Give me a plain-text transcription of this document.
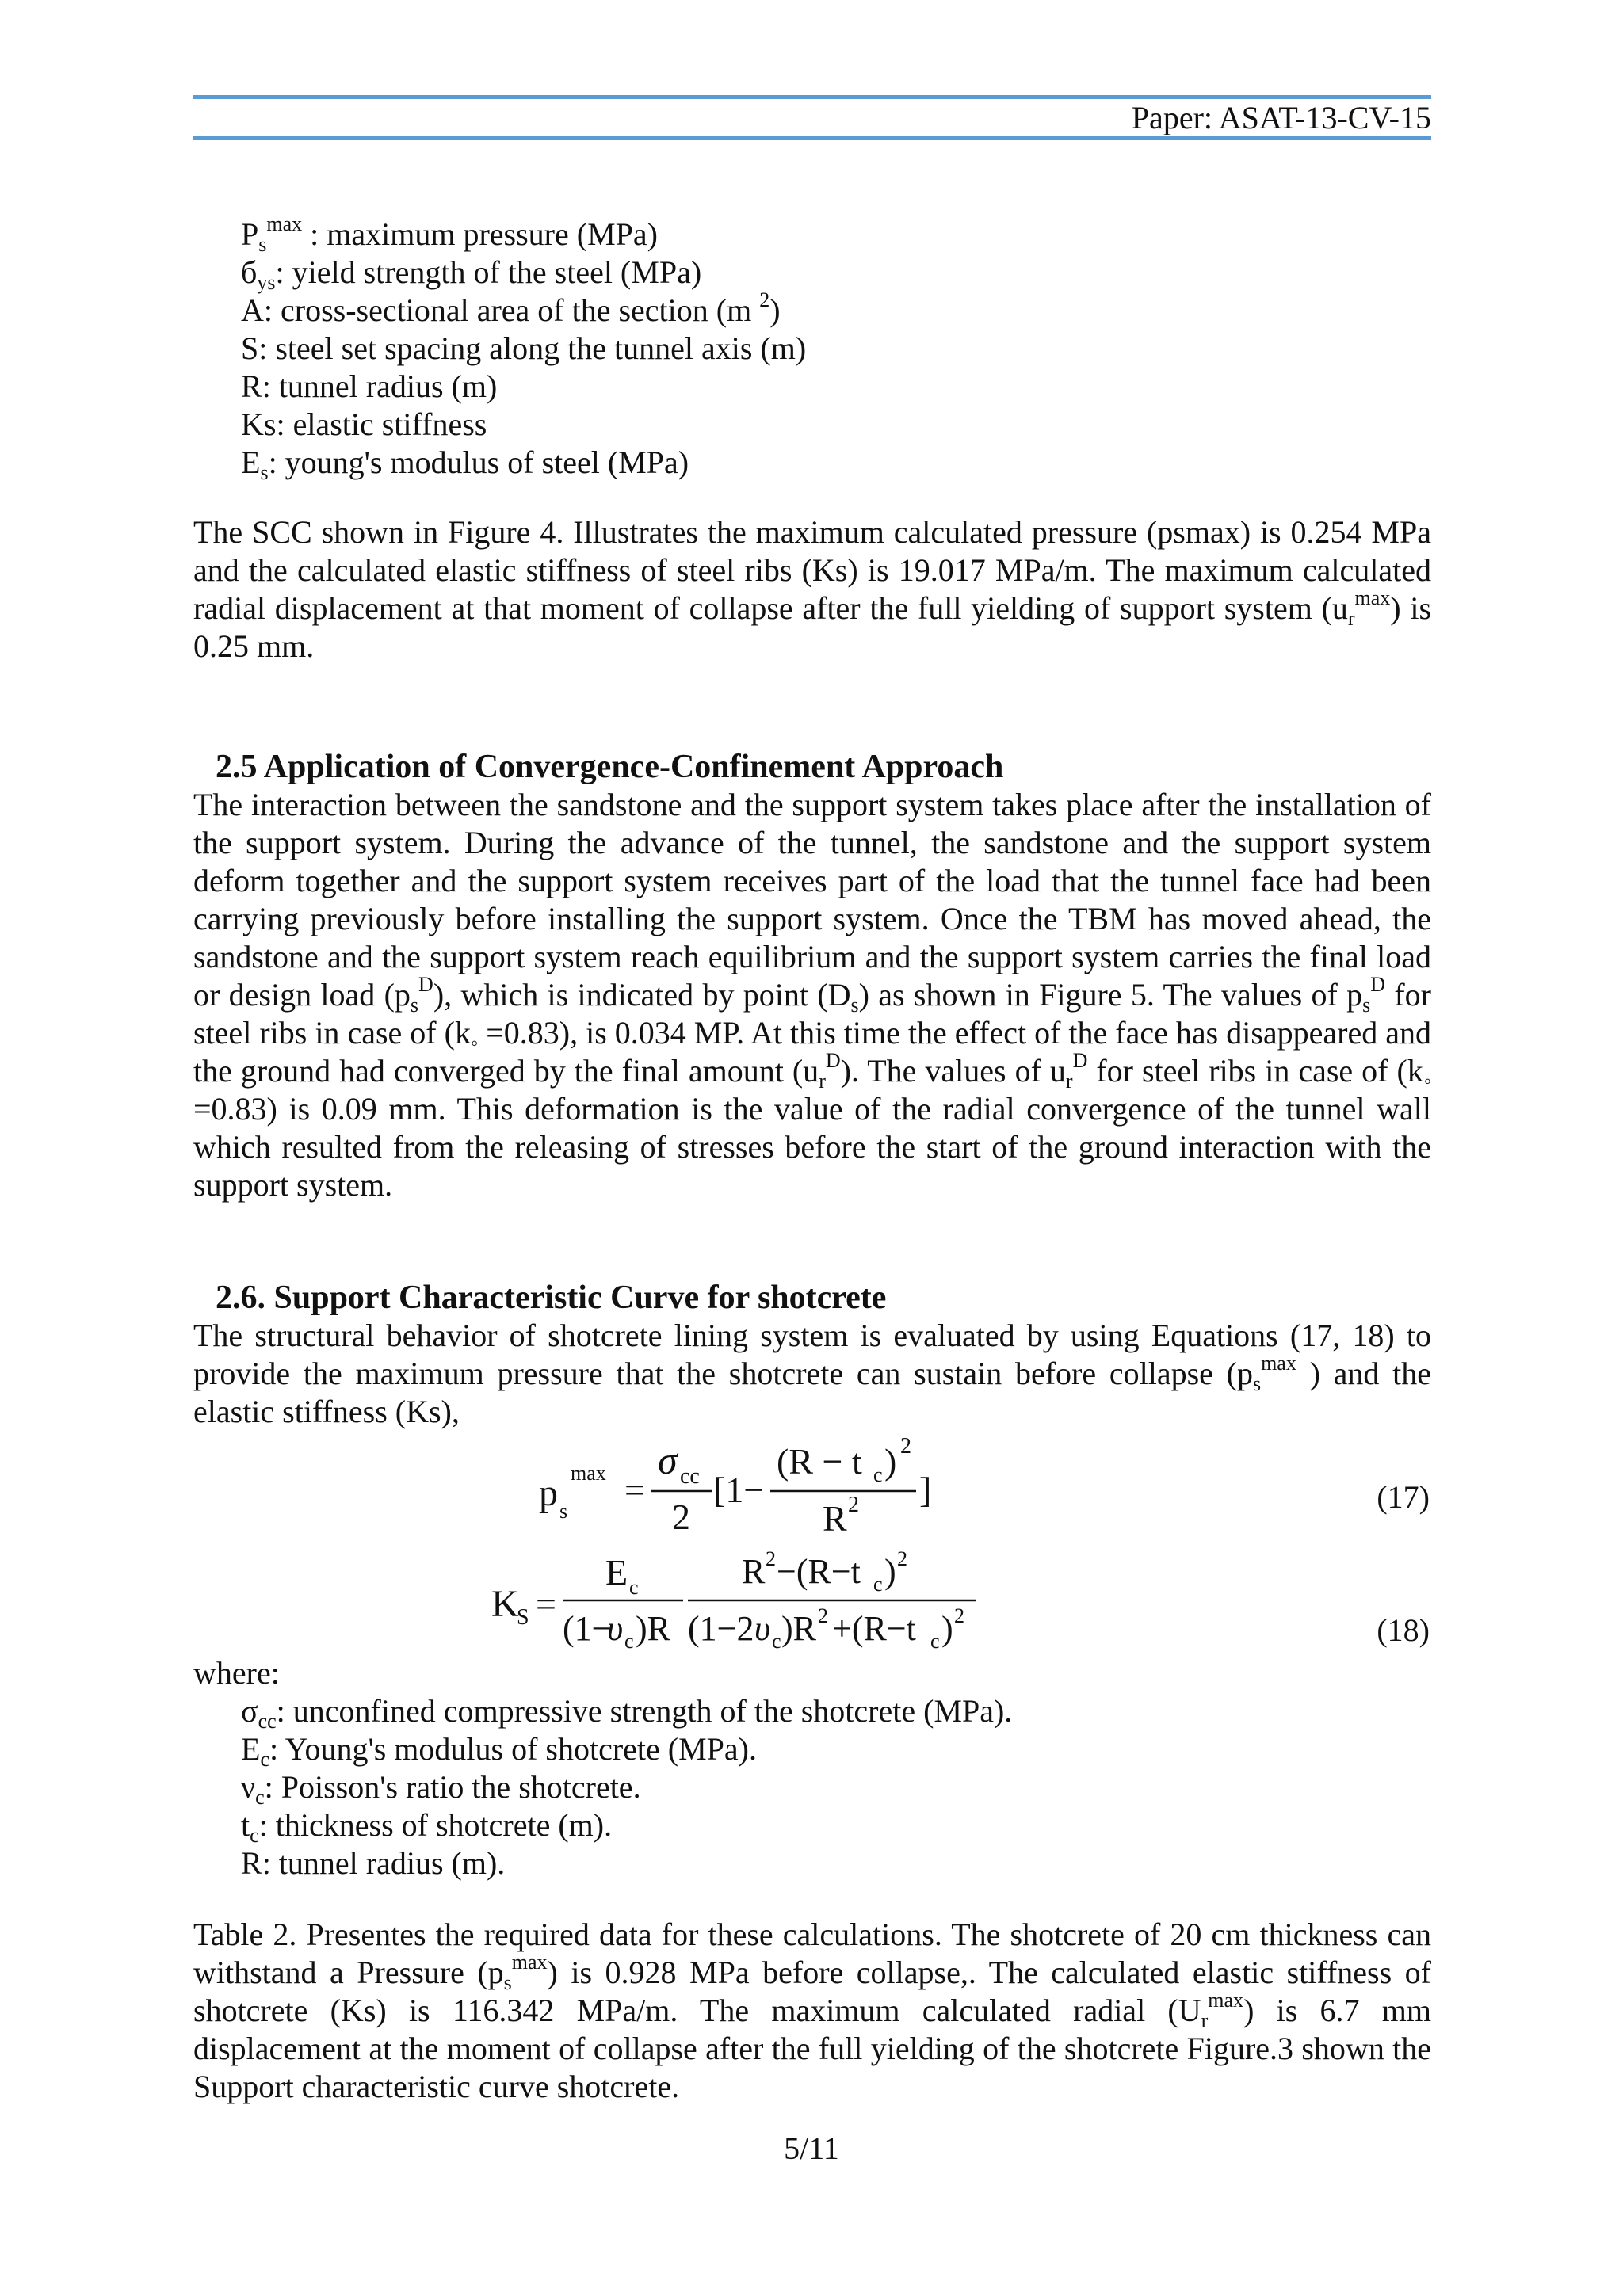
Paper: ASAT-13-CV-15
$P_s^{max}$ : maximum pressure (MPa)
$б_{ys}$: yield strength of the steel (MPa)
A: cross-sectional area of the section (m $^2$)
S: steel set spacing along the tunnel axis (m)
R: tunnel radius (m)
Ks: elastic stiffness
$E_s$: young's modulus of steel (MPa)

The SCC shown in Figure 4. Illustrates the maximum calculated pressure (psmax) is 0.254 MPa and the calculated elastic stiffness of steel ribs (Ks) is 19.017 MPa/m. The maximum calculated radial displacement at that moment of collapse after the full yielding of support system $(u_r^{max})$ is 0.25 mm.

2.5 Application of Convergence-Confinement Approach

The interaction between the sandstone and the support system takes place after the installation of the support system. During the advance of the tunnel, the sandstone and the support system deform together and the support system receives part of the load that the tunnel face had been carrying previously before installing the support system. Once the TBM has moved ahead, the sandstone and the support system reach equilibrium and the support system carries the final load or design load $(p_s^D)$, which is indicated by point $(D_s)$ as shown in Figure 5. The values of $p_s^D$ for steel ribs in case of $(k_◦ =0.83)$, is 0.034 MP. At this time the effect of the face has disappeared and the ground had converged by the final amount $(u_r^D)$. The values of $u_r^D$ for steel ribs in case of $(k_◦ =0.83)$ is 0.09 mm. This deformation is the value of the radial convergence of the tunnel wall which resulted from the releasing of stresses before the start of the ground interaction with the support system.

2.6. Support Characteristic Curve for shotcrete

The structural behavior of shotcrete lining system is evaluated by using Equations (17, 18) to provide the maximum pressure that the shotcrete can sustain before collapse ($p_s^{max}$ ) and the elastic stiffness (Ks),

p s
max =
σ cc
2
[1−
(R − t c ) 2
R 2 ]	(17)
K
S =
E c
(1−
υ c )R
R 2 −(R−t c ) 2
(1−2 υ c )R 2 +(R−t c ) 2	(18)
where:
$\sigma_{cc}$: unconfined compressive strength of the shotcrete (MPa).
$E_c$: Young's modulus of shotcrete (MPa).
$\nu_c$: Poisson's ratio the shotcrete.
$t_c$: thickness of shotcrete (m).
R: tunnel radius (m).

Table 2. Presentes the required data for these calculations. The shotcrete of 20 cm thickness can withstand a Pressure $(p_s^{max})$ is 0.928 MPa before collapse,. The calculated elastic stiffness of shotcrete (Ks) is 116.342 MPa/m. The maximum calculated radial $(U_r^{max})$ is 6.7 mm displacement at the moment of collapse after the full yielding of the shotcrete Figure.3 shown the Support characteristic curve shotcrete.

5/11
